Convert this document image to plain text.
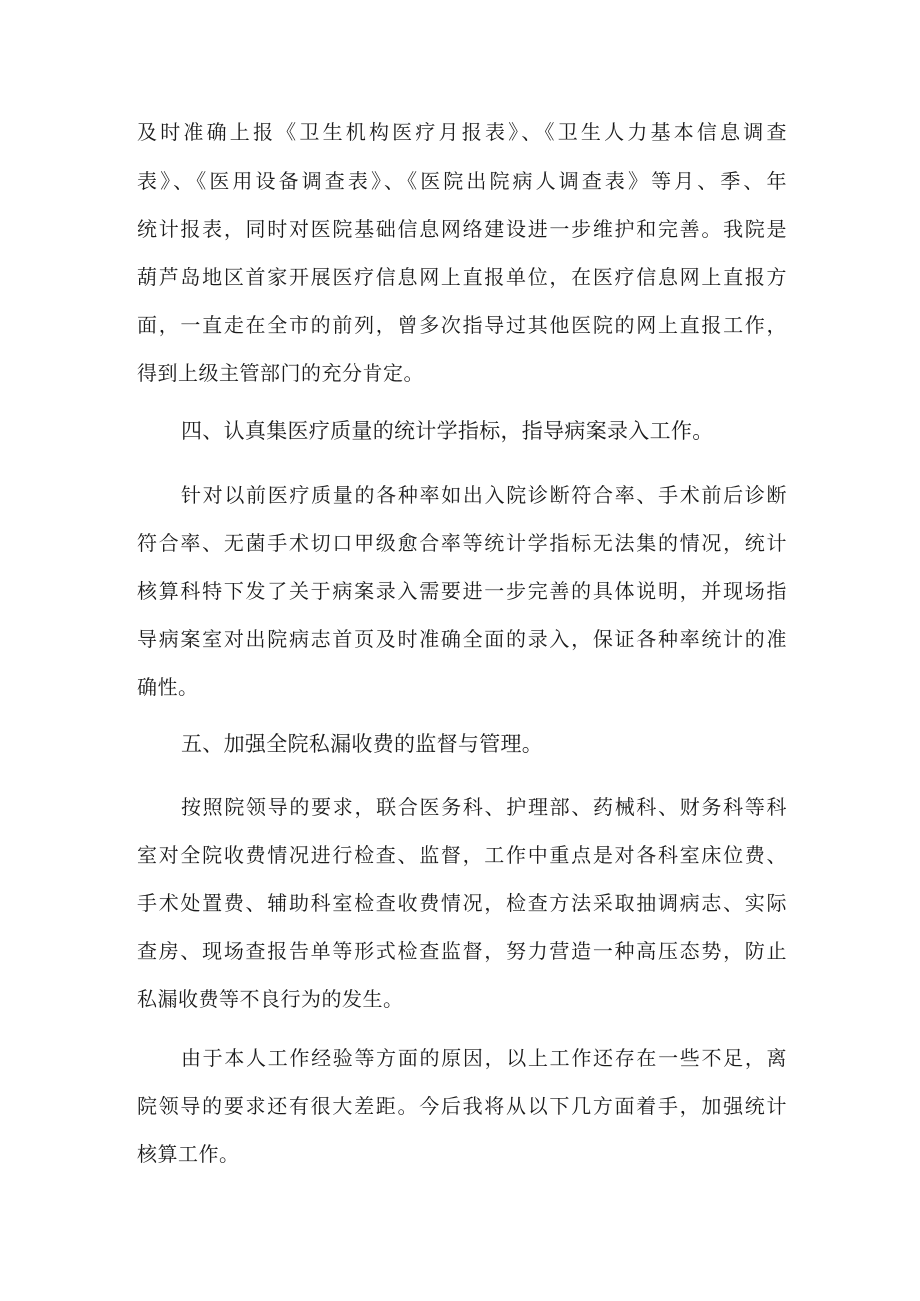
及时准确上报《卫生机构医疗月报表》、《卫生人力基本信息调查
表》、《医用设备调查表》、《医院出院病人调查表》等月、季、年
统计报表，同时对医院基础信息网络建设进一步维护和完善。我院是
葫芦岛地区首家开展医疗信息网上直报单位，在医疗信息网上直报方
面，一直走在全市的前列，曾多次指导过其他医院的网上直报工作，
得到上级主管部门的充分肯定。
四、认真集医疗质量的统计学指标，指导病案录入工作。
针对以前医疗质量的各种率如出入院诊断符合率、手术前后诊断
符合率、无菌手术切口甲级愈合率等统计学指标无法集的情况，统计
核算科特下发了关于病案录入需要进一步完善的具体说明，并现场指
导病案室对出院病志首页及时准确全面的录入，保证各种率统计的准
确性。
五、加强全院私漏收费的监督与管理。
按照院领导的要求，联合医务科、护理部、药械科、财务科等科
室对全院收费情况进行检查、监督，工作中重点是对各科室床位费、
手术处置费、辅助科室检查收费情况，检查方法采取抽调病志、实际
查房、现场查报告单等形式检查监督，努力营造一种高压态势，防止
私漏收费等不良行为的发生。
由于本人工作经验等方面的原因，以上工作还存在一些不足，离
院领导的要求还有很大差距。今后我将从以下几方面着手，加强统计
核算工作。
